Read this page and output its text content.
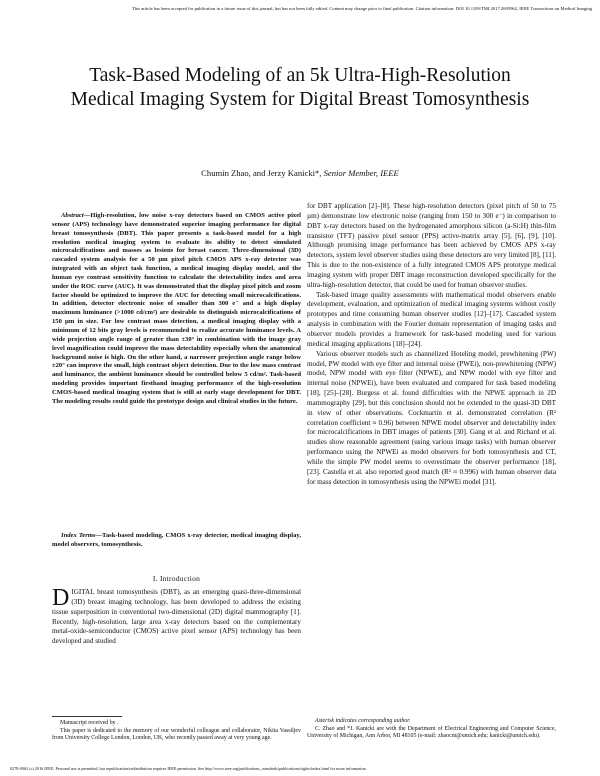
This article has been accepted for publication in a future issue of this journal, but has not been fully edited. Content may change prior to final publication. Citation information: DOI 10.1109/TMI.2017.2695962, IEEE Transactions on Medical Imaging
Task-Based Modeling of an 5k Ultra-High-Resolution Medical Imaging System for Digital Breast Tomosynthesis
Chumin Zhao, and Jerzy Kanicki*, Senior Member, IEEE
Abstract—High-resolution, low noise x-ray detectors based on CMOS active pixel sensor (APS) technology have demonstrated superior imaging performance for digital breast tomosynthesis (DBT). This paper presents a task-based model for a high resolution medical imaging system to evaluate its ability to detect simulated microcalcifications and masses as lesions for breast cancer. Three-dimensional (3D) cascaded system analysis for a 50 µm pixel pitch CMOS APS x-ray detector was integrated with an object task function, a medical imaging display model, and the human eye contrast sensitivity function to calculate the detectability index and area under the ROC curve (AUC). It was demonstrated that the display pixel pitch and zoom factor should be optimized to improve the AUC for detecting small microcalcifications. In addition, detector electronic noise of smaller than 300 e⁻ and a high display maximum luminance (>1000 cd/cm²) are desirable to distinguish microcalcifications of 150 µm in size. For low contrast mass detection, a medical imaging display with a minimum of 12 bits gray levels is recommended to realize accurate luminance levels. A wide projection angle range of greater than ±30° in combination with the image gray level magnification could improve the mass detectability especially when the anatomical background noise is high. On the other hand, a narrower projection angle range below ±20° can improve the small, high contrast object detection. Due to the low mass contrast and luminance, the ambient luminance should be controlled below 5 cd/m². Task-based modeling provides important firsthand imaging performance of the high-resolution CMOS-based medical imaging system that is still at early stage development for DBT. The modeling results could guide the prototype design and clinical studies in the future.
Index Terms—Task-based modeling, CMOS x-ray detector, medical imaging display, model observers, tomosynthesis.
I. Introduction

DIGITAL breast tomosynthesis (DBT), as an emerging quasi-three-dimensional (3D) breast imaging technology, has been developed to address the existing tissue superposition in conventional two-dimensional (2D) digital mammography [1]. Recently, high-resolution, large area x-ray detectors based on the complementary metal-oxide-semiconductor (CMOS) active pixel sensor (APS) technology has been developed and studied

Manuscript received by .

This paper is dedicated to the memory of our wonderful colleague and collaborator, Nikita Vassiljev from University College London, London, UK, who recently passed away at very young age.

for DBT application [2]–[8]. These high-resolution detectors (pixel pitch of 50 to 75 µm) demonstrate low electronic noise (ranging from 150 to 300 e⁻) in comparison to DBT x-ray detectors based on the hydrogenated amorphous silicon (a-Si:H) thin-film transistor (TFT) passive pixel sensor (PPS) active-matrix array [5], [6], [9], [10]. Although promising image performance has been achieved by CMOS APS x-ray detectors, system level observer studies using these detectors are very limited [8], [11]. This is due to the non-existence of a fully integrated CMOS APS prototype medical imaging system with proper DBT image reconstruction developed specifically for the ultra-high-resolution detector, that could be used for human observer studies.

Task-based image quality assessments with mathematical model observers enable development, evaluation, and optimization of medical imaging systems without costly prototypes and time consuming human observer studies [12]–[17]. Cascaded system analysis in combination with the Fourier domain representation of imaging tasks and observer models provides a framework for task-based modeling used for various medical imaging applications [18]–[24].

Various observer models such as channelized Hoteling model, prewhitening (PW) model, PW model with eye filter and internal noise (PWEi), non-prewhitening (NPW) model, NPW model with eye filter (NPWE), and NPW model with eye filter and internal noise (NPWEi), have been evaluated and compared for task based modeling [18], [25]–[28]. Burgess et al. found difficulties with the NPWE approach in 2D mammography [29], but this conclusion should not be extended to the quasi-3D DBT in view of other observations. Cockmartin et al. demonstrated correlation (R² correlation coefficient ≈ 0.96) between NPWE model observer and detectability index for microcalcifications in DBT images of patients [30]. Gang et al. and Richard et al. studies show reasonable agreement (using various image tasks) with human observer performance using the NPWEi as model observers for both tomosynthesis and CT, while the simple PW model seems to overestimate the observer performance [18], [23]. Castella et al. also reported good match (R² ≈ 0.996) with human observer data for mass detection in tomosynthesis using the NPWEi model [31].

Asterisk indicates corresponding author.

C. Zhao and *J. Kanicki are with the Department of Electrical Engineering and Computer Science, University of Michigan, Ann Arbor, MI 48105 (e-mail: zhaocm@umich.edu; kanicki@umich.edu).

0278-0062 (c) 2016 IEEE. Personal use is permitted, but republication/redistribution requires IEEE permission. See http://www.ieee.org/publications_standards/publications/rights/index.html for more information.
